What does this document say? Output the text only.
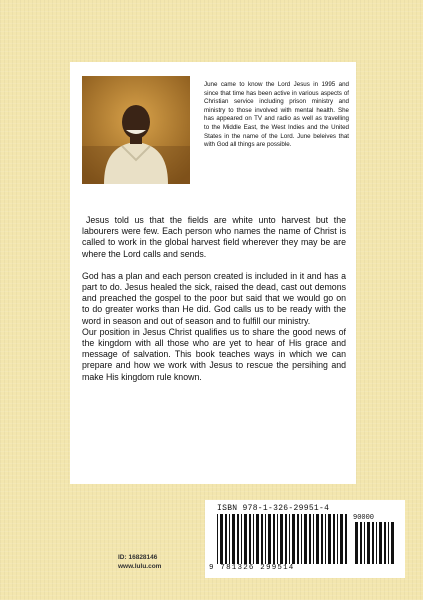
June came to know the Lord Jesus in 1995 and since that time has been active in various aspects of Christian service including prison ministry and ministry to those involved with mental health. She has appeared on TV and radio as well as travelling to the Middle East, the West Indies and the United States in the name of the Lord. June beleives that with God all things are possible.

Jesus told us that the fields are white unto harvest but the labourers were few. Each person who names the name of Christ is called to work in the global harvest field wherever they may be are where the Lord calls and sends.

God has a plan and each person created is included in it and has a part to do. Jesus healed the sick, raised the dead, cast out demons and preached the gospel to the poor but said that we would go on to do greater works than He did. God calls us to be ready with the word in season and out of season and to fulfill our ministry.

Our position in Jesus Christ qualifies us to share the good news of the kingdom with all those who are yet to hear of His grace and message of salvation. This book teaches ways in which we can prepare and how we work with Jesus to rescue the persihing and make His kingdom rule known.

ISBN 978-1-326-29951-4
90000
9 781326 299514
ID: 16828146
www.lulu.com
